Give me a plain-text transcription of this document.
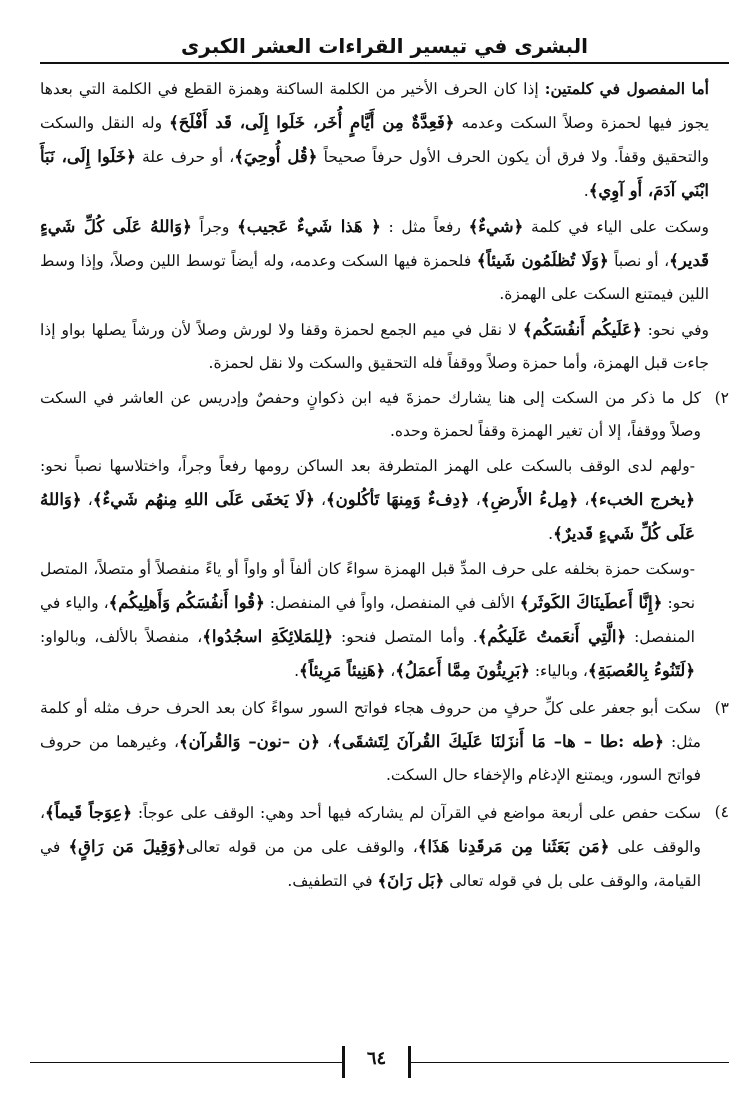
البشرى في تيسير القراءات العشر الكبرى

أما المفصول في كلمتين: إذا كان الحرف الأخير من الكلمة الساكنة وهمزة القطع في الكلمة التي بعدها يجوز فيها لحمزة وصلاً السكت وعدمه ﴿فَعِدَّةٌ مِن أَيَّامٍ أُخَر، خَلَوا إِلَى، قَد أَفْلَحَ﴾ وله النقل والسكت والتحقيق وقفاً. ولا فرق أن يكون الحرف الأول حرفاً صحيحاً ﴿قُل أُوحِيَ﴾، أو حرف علة ﴿خَلَوا إِلَى، نَبَأَ ابْنَي آدَمَ، أَو آوِي﴾.

وسكت على الياء في كلمة ﴿شيءٌ﴾ رفعاً مثل : ﴿ هَذا شَيءٌ عَجيب﴾ وجراً ﴿وَاللهُ عَلَى كُلِّ شَيءٍ قَدير﴾، أو نصباً ﴿وَلَا تُظلَمُون شَيئاً﴾ فلحمزة فيها السكت وعدمه، وله أيضاً توسط اللين وصلاً، وإذا وسط اللين فيمتنع السكت على الهمزة.

وفي نحو: ﴿عَلَيكُم أَنفُسَكُم﴾ لا نقل في ميم الجمع لحمزة وقفا ولا لورش وصلاً لأن ورشاً يصلها بواو إذا جاءت قبل الهمزة، وأما حمزة وصلاً ووقفاً فله التحقيق والسكت ولا نقل لحمزة.

٢)

كل ما ذكر من السكت إلى هنا يشارك حمزةَ فيه ابن ذكوانٍ وحفصٌ وإدريس عن العاشر في السكت وصلاً ووقفاً، إلا أن تغير الهمزة وقفاً لحمزة وحده.

-ولهم لدى الوقف بالسكت على الهمز المتطرفة بعد الساكن رومها رفعاً وجراً، واختلاسها نصباً نحو: ﴿يخرج الخبء﴾، ﴿مِلءُ الأَرضِ﴾، ﴿دِفءٌ وَمِنهَا تَأكُلون﴾، ﴿لَا يَخفَى عَلَى اللهِ مِنهُم شَيءٌ﴾، ﴿وَاللهُ عَلَى كُلِّ شَيءٍ قَديرٌ﴾.

-وسكت حمزة بخلفه على حرف المدِّ قبل الهمزة سواءً كان ألفاً أو واواً أو ياءً منفصلاً أو متصلاً، المتصل نحو: ﴿إِنَّا أَعطَينَاكَ الكَوثَر﴾ الألف في المنفصل، واواً في المنفصل: ﴿قُوا أَنفُسَكُم وَأَهلِيكُم﴾، والياء في المنفصل: ﴿الَّتِي أَنعَمتُ عَلَيكُم﴾. وأما المتصل فنحو: ﴿لِلمَلائِكَةِ اسجُدُوا﴾، منفصلاً بالألف، وبالواو: ﴿لَتَنُوءُ بِالعُصبَةِ﴾، وبالياء: ﴿بَرِيئُونَ مِمَّا أَعمَلُ﴾، ﴿هَنِيئاً مَرِيئاً﴾.

٣)

سكت أبو جعفر على كلِّ حرفٍ من حروف هجاء فواتح السور سواءً كان بعد الحرف حرف مثله أو كلمة مثل: ﴿طه :طا – ها– مَا أَنزَلنَا عَلَيكَ القُرآنَ لِتَشقَى﴾، ﴿ن –نون– وَالقُرآن﴾، وغيرهما من حروف فواتح السور، ويمتنع الإدغام والإخفاء حال السكت.

٤)

سكت حفص على أربعة مواضع في القرآن لم يشاركه فيها أحد وهي: الوقف على عوجاً: ﴿عِوَجاً قَيماً﴾، والوقف على ﴿مَن بَعَثَنا مِن مَرقَدِنا هَذَا﴾، والوقف على من من قوله تعالى﴿وَقِيلَ مَن رَاقٍ﴾ في القيامة، والوقف على بل في قوله تعالى ﴿بَل رَانَ﴾ في التطفيف.

٦٤
